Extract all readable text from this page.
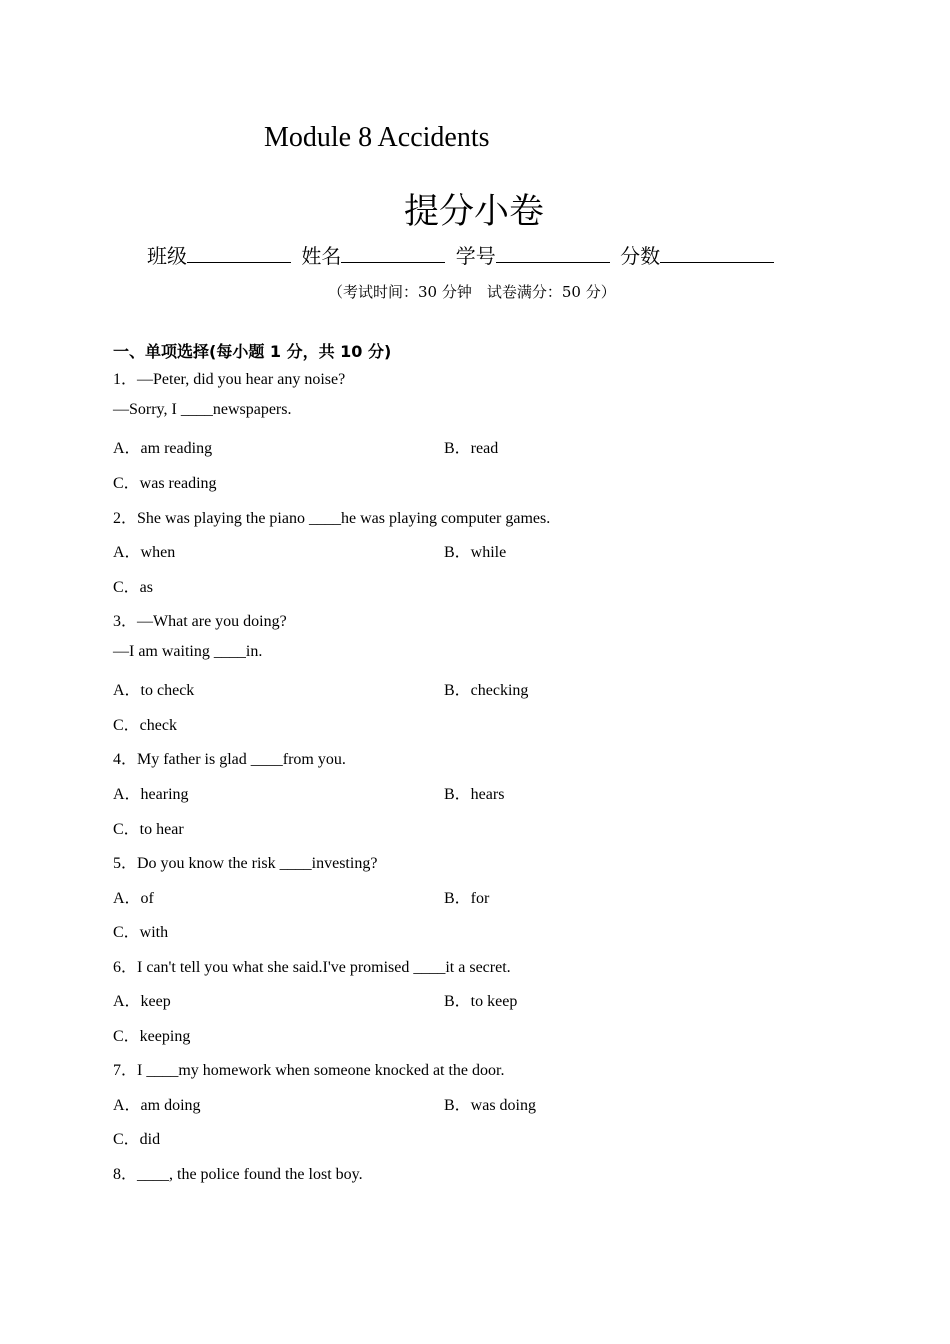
Module 8 Accidents
提分小卷
班级	姓名	学号	分数
（考试时间：30 分钟　试卷满分：50 分）
一、单项选择(每小题 1 分，共 10 分)
1．—Peter, did you hear any noise?
—Sorry, I ____newspapers.
A．am reading	B．read
C．was reading
2．She was playing the piano ____he was playing computer games.
A．when	B．while
C．as
3．—What are you doing?
—I am waiting ____in.
A．to check	B．checking
C．check
4．My father is glad ____from you.
A．hearing	B．hears
C．to hear
5．Do you know the risk ____investing?
A．of	B．for
C．with
6．I can't tell you what she said.I've promised ____it a secret.
A．keep	B．to keep
C．keeping
7．I ____my homework when someone knocked at the door.
A．am doing	B．was doing
C．did
8．____, the police found the lost boy.
